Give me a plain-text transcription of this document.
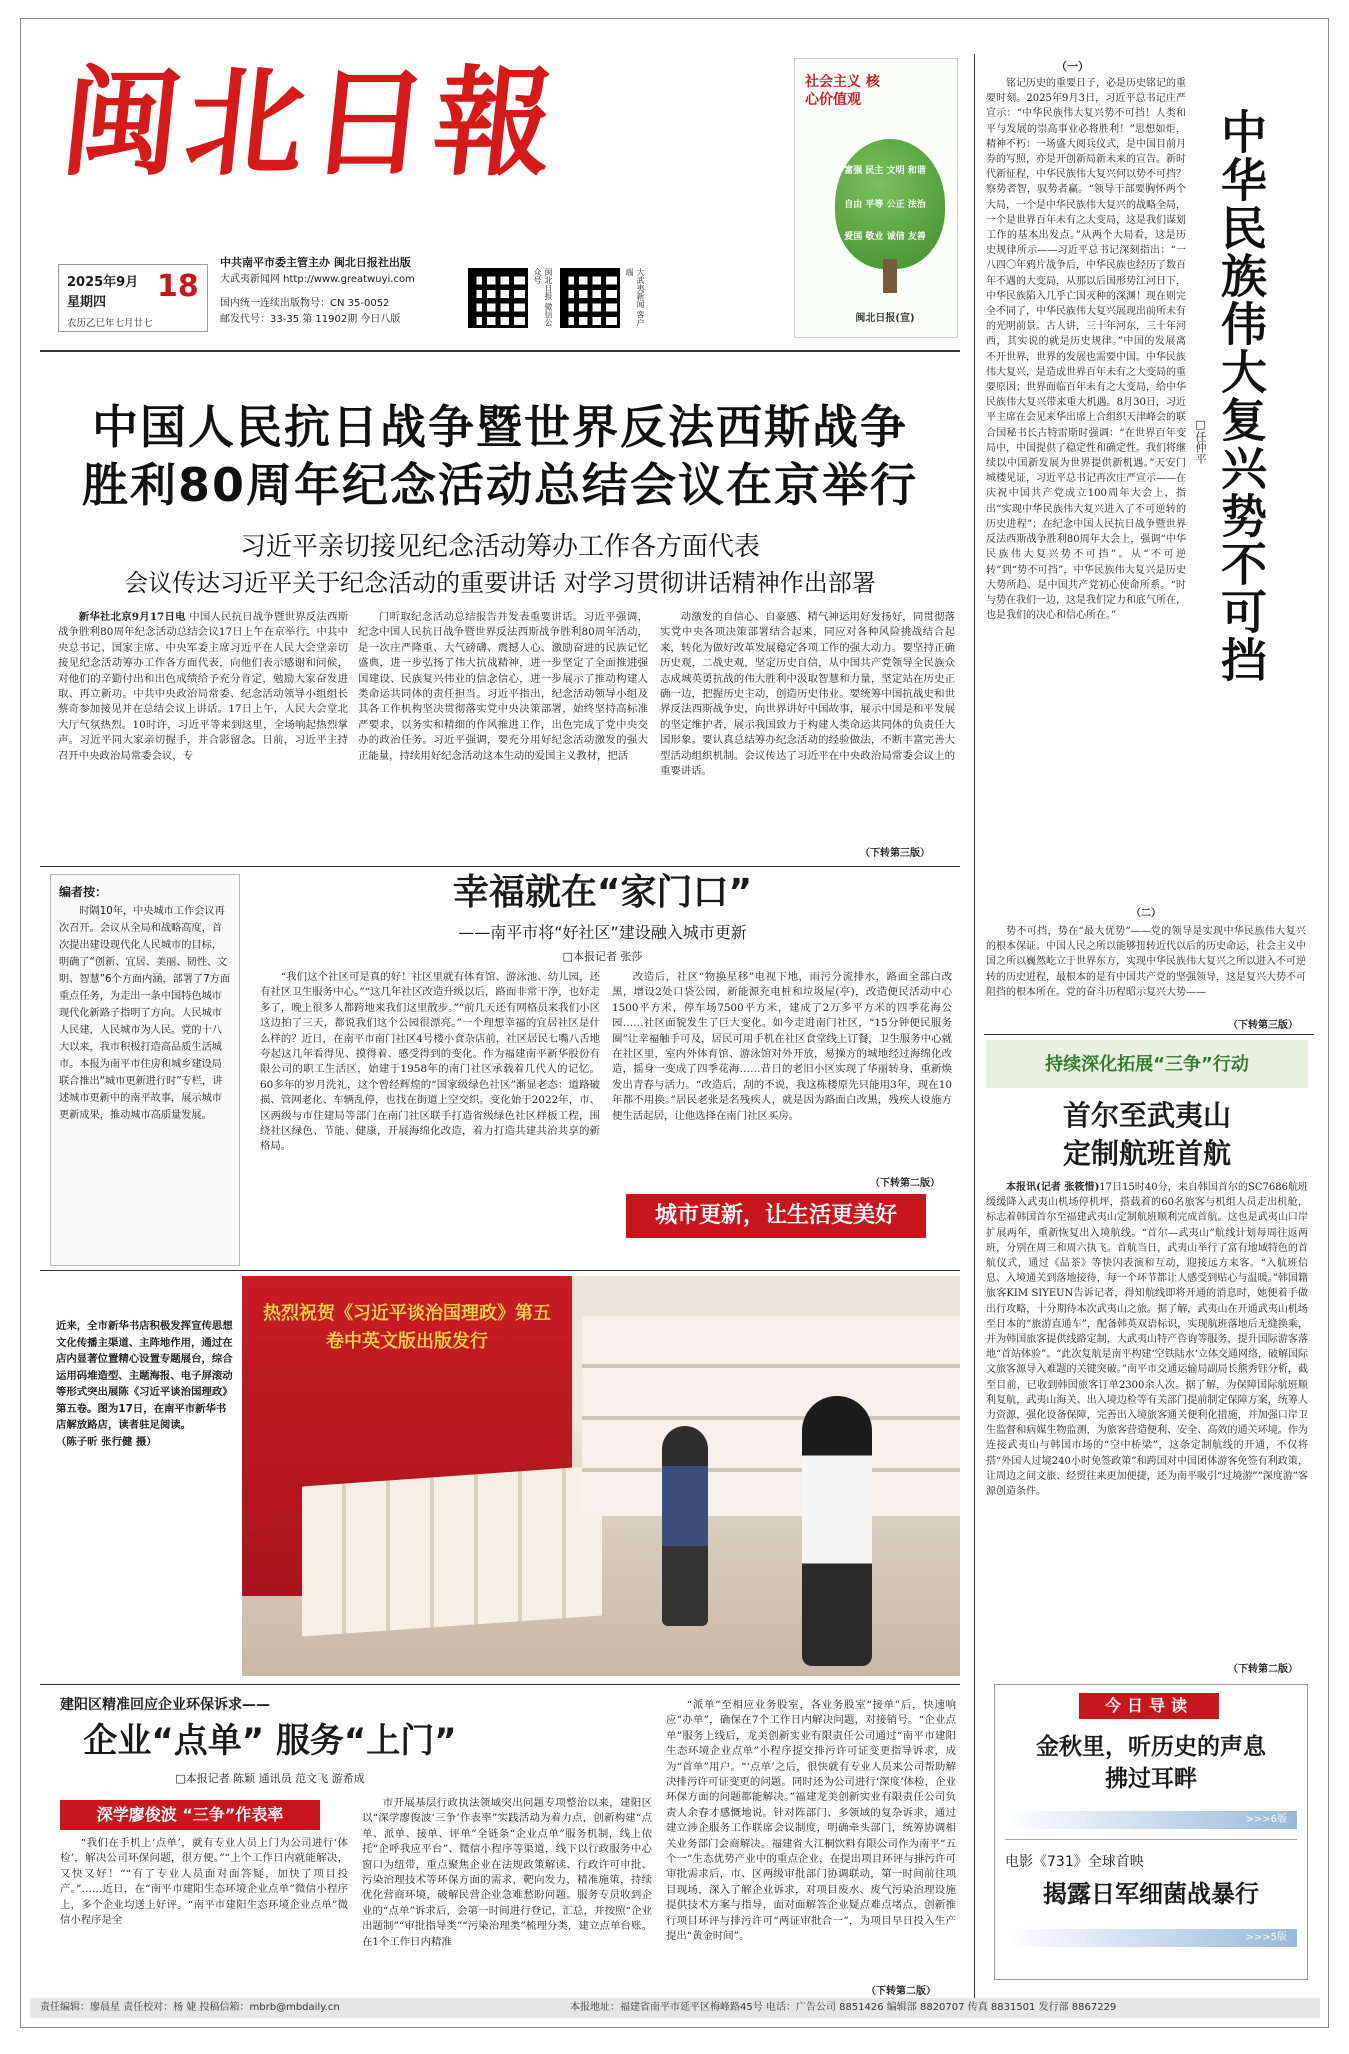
闽北日報
中共南平市委主管主办 闽北日报社出版
大武夷新闻网 http://www.greatwuyi.com
国内统一连续出版物号：CN 35-0052
邮发代号：33-35 第 11902期 今日八版
2025年9月
星期四 18
农历乙巳年七月廿七	闽北日报 微信公众号	大武夷新闻 客户端
社会主义 核心价值观
富强 民主 文明 和谐
自由 平等 公正 法治
爱国 敬业 诚信 友善
闽北日报(宣)
中国人民抗日战争暨世界反法西斯战争
胜利80周年纪念活动总结会议在京举行
习近平亲切接见纪念活动筹办工作各方面代表
会议传达习近平关于纪念活动的重要讲话 对学习贯彻讲话精神作出部署

新华社北京9月17日电 中国人民抗日战争暨世界反法西斯战争胜利80周年纪念活动总结会议17日上午在京举行。中共中央总书记、国家主席、中央军委主席习近平在人民大会堂亲切接见纪念活动筹办工作各方面代表，向他们表示感谢和问候，对他们的辛勤付出和出色成绩给予充分肯定，勉励大家奋发进取、再立新功。中共中央政治局常委、纪念活动领导小组组长蔡奇参加接见并在总结会议上讲话。17日上午，人民大会堂北大厅气氛热烈。10时许，习近平等来到这里，全场响起热烈掌声。习近平同大家亲切握手，并合影留念。日前，习近平主持召开中央政治局常委会议，专

门听取纪念活动总结报告并发表重要讲话。习近平强调，纪念中国人民抗日战争暨世界反法西斯战争胜利80周年活动，是一次庄严隆重、大气磅礴、震撼人心、激励奋进的民族记忆盛典，进一步弘扬了伟大抗战精神，进一步坚定了全面推进强国建设、民族复兴伟业的信念信心，进一步展示了推动构建人类命运共同体的责任担当。习近平指出，纪念活动领导小组及其各工作机构坚决贯彻落实党中央决策部署，始终坚持高标准严要求，以务实和精细的作风推进工作，出色完成了党中央交办的政治任务。习近平强调，要充分用好纪念活动激发的强大正能量，持续用好纪念活动这本生动的爱国主义教材，把活

动激发的自信心、自豪感、精气神运用好发扬好，同贯彻落实党中央各项决策部署结合起来，同应对各种风险挑战结合起来，转化为做好改革发展稳定各项工作的强大动力。要坚持正确历史观，二战史观，坚定历史自信，从中国共产党领导全民族众志成城英勇抗战的伟大胜利中汲取智慧和力量，坚定站在历史正确一边，把握历史主动，创造历史伟业。要统筹中国抗战史和世界反法西斯战争史，向世界讲好中国故事，展示中国是和平发展的坚定维护者，展示我国致力于构建人类命运共同体的负责任大国形象。要认真总结筹办纪念活动的经验做法，不断丰富完善大型活动组织机制。会议传达了习近平在中央政治局常委会议上的重要讲话。

（下转第三版）
编者按：
时隔10年，中央城市工作会议再次召开。会议从全局和战略高度，首次提出建设现代化人民城市的目标，明确了“创新、宜居、美丽、韧性、文明、智慧”6个方面内涵，部署了7方面重点任务，为走出一条中国特色城市现代化新路子指明了方向。人民城市人民建，人民城市为人民。党的十八大以来，我市积极打造高品质生活城市。本报为南平市住房和城乡建设局联合推出“城市更新进行时”专栏，讲述城市更新中的南平故事，展示城市更新成果，推动城市高质量发展。
幸福就在“家门口”
——南平市将“好社区”建设融入城市更新
□本报记者 张莎

“我们这个社区可是真的好！社区里就有体育馆、游泳池、幼儿园，还有社区卫生服务中心。”“这几年社区改造升级以后，路面非常干净，也好走多了，晚上很多人都跨地来我们这里散步。”“前几天还有网格员来我们小区这边拍了三天，都说我们这个公园很漂亮。”一个理想幸福的宜居社区是什么样的？近日，在南平市南门社区4号楼小食杂店前，社区居民七嘴八舌地夸起这几年看得见、摸得着、感受得到的变化。作为福建南平新华股份有限公司的职工生活区，始建于1958年的南门社区承载着几代人的记忆。60多年的岁月洗礼，这个曾经辉煌的“国家级绿色社区”渐显老态：道路破损、管网老化、车辆乱停，也找在街道上空交织。变化始于2022年，市、区两级与市住建局等部门在南门社区联手打造省级绿色社区样板工程，围绕社区绿色、节能、健康，开展海绵化改造，着力打造共建共治共享的新格局。

改造后，社区“物换星移”电视下地，雨污分流排水，路面全部白改黑，增设2处口袋公园，新能源充电桩和垃圾屋(亭)，改造便民活动中心1500平方米，停车场7500平方米，建成了2万多平方米的四季花海公园……社区面貌发生了巨大变化。如今走进南门社区，“15分钟便民服务圈”让幸福触手可及，居民可用手机在社区食堂线上订餐，卫生服务中心就在社区里，室内外体育馆、游泳馆对外开放，易操方的城地经过海绵化改造，摇身一变成了四季花海……昔日的老旧小区实现了华丽转身，重新焕发出青春与活力。“改造后，刮的不说，我这栋楼原先只能用3年，现在10年都不用换。”居民老张是名残疾人，就是因为路面白改黑，残疾人设施方便生活起居，让他选择在南门社区买房。

（下转第二版）
城市更新，让生活更美好
热烈祝贺《习近平谈治国理政》第五卷中英文版出版发行
近来，全市新华书店积极发挥宣传思想文化传播主渠道、主阵地作用，通过在店内显著位置精心设置专题展台，综合运用码堆造型、主题海报、电子屏滚动等形式突出展陈《习近平谈治国理政》第五卷。图为17日，在南平市新华书店解放路店，读者驻足阅读。
（陈子昕 张行健 摄）
建阳区精准回应企业环保诉求——
企业“点单” 服务“上门”
□本报记者 陈颖 通讯员 范文飞 游希成
深学廖俊波 “三争”作表率

“我们在手机上‘点单’，就有专业人员上门为公司进行‘体检’，解决公司环保问题，很方便。”“上个工作日内就能解决，又快又好！”“有了专业人员面对面答疑，加快了项目投产。”……近日，在“南平市建阳生态环境企业点单”微信小程序上，多个企业均送上好评。“南平市建阳生态环境企业点单”微信小程序是全

市开展基层行政执法领域突出问题专项整治以来，建阳区以“深学廖俊波‘三争’作表率”实践活动为着力点，创新构建“点单、派单、接单、评单”全链条“企业点单”服务机制，线上依托“企呼我应平台”、微信小程序等渠道，线下以行政服务中心窗口为纽带，重点聚焦企业在法规政策解读、行政许可申批、污染治理技术等环保方面的需求，靶向发力，精准施策，持续优化营商环境，破解民营企业急难愁盼问题。服务专员收到企业的“点单”诉求后，会第一时间进行登记，汇总，并按照“企业出题制”“审批指导类”“污染治理类”梳理分类，建立点单台账。在1个工作日内精准

“派单”至相应业务股室，各业务股室“接单”后，快速响应“办单”，确保在7个工作日内解决问题，对接销号。“企业点单”服务上线后，龙美创新实业有限责任公司通过“南平市建阳生态环境企业点单”小程序提交排污许可证变更指导诉求，成为“首单”用户。“‘点单’之后，很快就有专业人员来公司帮助解决排污许可证变更的问题。同时还为公司进行‘深度’体检，企业环保方面的问题都能解决。”福建龙美创新实业有限责任公司负责人余春才感慨地说。针对阵部门、多领域的复杂诉求，通过建立涉企服务工作联席会议制度，明确牵头部门，统筹协调相关业务部门会商解决。福建省大江桐饮料有限公司作为南平“五个一”生态优势产业中的重点企业，在提出项目环评与排污许可审批需求后，市、区两级审批部门协调联动，第一时间前往项目现场，深入了解企业诉求，对项目废水、废气污染治理设施提供技术方案与指导，面对面解答企业疑点难点堵点，创新推行项目环评与排污许可“两证审批合一”，为项目早日投入生产提出“黄金时间”。

（下转第二版）
（一）

铭记历史的重要日子，必是历史铭记的重要时刻。2025年9月3日，习近平总书记庄严宣示：“中华民族伟大复兴势不可挡！人类和平与发展的崇高事业必将胜利！”思想如炬，精神不朽：一场盛大阅兵仪式，是中国目前月券的写照，亦是开创新局新未来的宣告。新时代新征程，中华民族伟大复兴何以势不可挡？察势者智，驭势者赢。“领导干部要胸怀两个大局，一个是中华民族伟大复兴的战略全局，一个是世界百年未有之大变局，这是我们谋划工作的基本出发点。”从两个大局看，这是历史规律所示——习近平总书记深刻指出：“一八四〇年鸦片战争后，中华民族也经历了数百年不遇的大变局，从那以后国形势江河日下，中华民族陷入几乎亡国灭种的深渊！现在则完全不同了，中华民族伟大复兴展现出前所未有的光明前景。古人讲，三十年河东，三十年河西，其实说的就是历史规律。”中国的发展离不开世界，世界的发展也需要中国。中华民族伟大复兴，是造成世界百年未有之大变局的重要原因；世界面临百年未有之大变局，给中华民族伟大复兴带来重大机遇。8月30日，习近平主席在会见来华出席上合组织天津峰会的联合国秘书长古特雷斯时强调：“在世界百年变局中，中国提供了稳定性和确定性。我们将继续以中国新发展为世界提供新机遇。”天安门城楼见证，习近平总书记再次庄严宣示——在庆祝中国共产党成立100周年大会上，指出“实现中华民族伟大复兴进入了不可逆转的历史进程”；在纪念中国人民抗日战争暨世界反法西斯战争胜利80周年大会上，强调“中华民族伟大复兴势不可挡”。从“不可逆转”到“势不可挡”，中华民族伟大复兴是历史大势所趋、是中国共产党初心使命所系。“时与势在我们一边，这是我们定力和底气所在，也是我们的决心和信心所在。”	中华民族伟大复兴势不可挡
□任仲平
（二）

势不可挡，势在“最大优势”——党的领导是实现中华民族伟大复兴的根本保证。中国人民之所以能够扭转近代以后的历史命运，社会主义中国之所以巍然屹立于世界东方，实现中华民族伟大复兴之所以进入不可逆转的历史进程，最根本的是有中国共产党的坚强领导，这是复兴大势不可阻挡的根本所在。党的奋斗历程昭示复兴大势——

（下转第三版）
持续深化拓展“三争”行动
首尔至武夷山
定制航班首航

本报讯(记者 张筱惜)17日15时40分，来自韩国首尔的SC7686航班缓缓降入武夷山机场停机坪，搭载着的60名旅客与机组人员走出机舱，标志着韩国首尔至福建武夷山定制航班顺利完成首航。这也是武夷山口岸扩展两年，重新恢复出入境航线。“首尔—武夷山”航线计划每周往返两班，分别在周三和周六执飞。首航当日，武夷山举行了富有地域特色的首航仪式，通过《品茶》等快闪表演和互动，迎接远方来客。“入航班信息、入境通关到落地接待，每一个环节都让人感受到贴心与温暖。”韩国籍旅客KIM SIYEUN告诉记者，得知航线即将开通的消息时，她便着手做出行攻略，十分期待本次武夷山之旅。据了解，武夷山在开通武夷山机场至日本的“旅游直通车”，配备韩英双语标识，实现航班落地后无缝换乘，并为韩国旅客提供线路定制，大武夷山特产咨询等服务，提升国际游客落地“首站体验”。“此次复航是南平构建‘空铁陆水’立体交通网络，破解国际文旅客源导入难题的关键突破。”南平市交通运输局副局长熊秀钰分析，截至目前，已收到韩国旅客订单2300余人次。据了解，为保障国际航班顺利复航，武夷山海关、出入境边检等有关部门提前制定保障方案，统筹人力资源，强化设备保障，完善出入境旅客通关便利化措施，并加强口岸卫生监督和病媒生物监测，为旅客营造便利、安全、高效的通关环境。作为连接武夷山与韩国市场的“空中桥梁”，这条定制航线的开通，不仅将搭“外国人过境240小时免签政策”和跨国对中国团体游客免签有利政策，让周边之间文旅、经贸往来更加便捷，还为南平吸引“过境游”“深度游”客源创造条件。

（下转第二版）
今日导读
金秋里，听历史的声息拂过耳畔
>>>6版
电影《731》全球首映
揭露日军细菌战暴行
>>>5版
责任编辑：廖晨星 责任校对：杨 婕 投稿信箱：mbrb@mbdaily.cn	本报地址：福建省南平市延平区梅峰路45号 电话：广告公司 8851426 编辑部 8820707 传真 8831501 发行部 8867229
